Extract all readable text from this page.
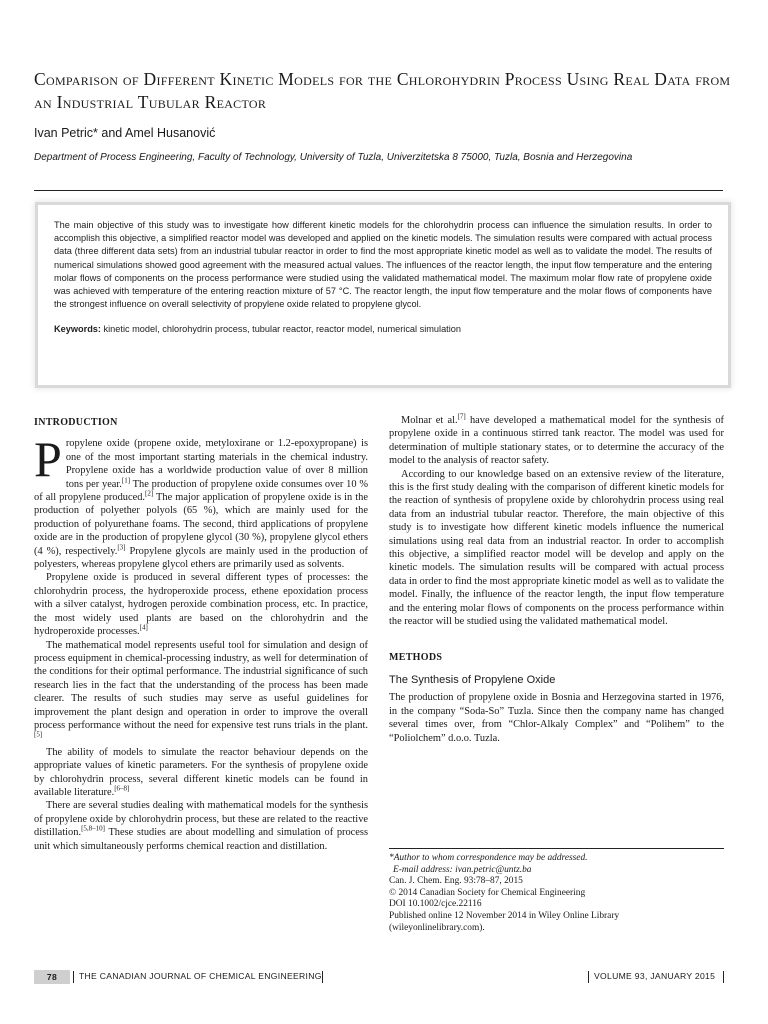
Comparison of Different Kinetic Models for the Chlorohydrin Process Using Real Data from an Industrial Tubular Reactor
Ivan Petric* and Amel Husanović
Department of Process Engineering, Faculty of Technology, University of Tuzla, Univerzitetska 8 75000, Tuzla, Bosnia and Herzegovina
The main objective of this study was to investigate how different kinetic models for the chlorohydrin process can influence the simulation results. In order to accomplish this objective, a simplified reactor model was developed and applied on the kinetic models. The simulation results were compared with actual process data (three different data sets) from an industrial tubular reactor in order to find the most appropriate kinetic model as well as to validate the model. The results of numerical simulations showed good agreement with the measured actual values. The influences of the reactor length, the input flow temperature and the entering molar flows of components on the process performance were studied using the validated mathematical model. The maximum molar flow rate of propylene oxide was achieved with temperature of the entering reaction mixture of 57 °C. The reactor length, the input flow temperature and the molar flows of components have the strongest influence on overall selectivity of propylene oxide related to propylene glycol.
Keywords: kinetic model, chlorohydrin process, tubular reactor, reactor model, numerical simulation
INTRODUCTION

Propylene oxide (propene oxide, metyloxirane or 1.2-epoxypropane) is one of the most important starting materials in the chemical industry. Propylene oxide has a worldwide production value of over 8 million tons per year.[1] The production of propylene oxide consumes over 10 % of all propylene produced.[2] The major application of propylene oxide is in the production of polyether polyols (65 %), which are mainly used for the production of polyurethane foams. The second, third applications of propylene oxide are in the production of propylene glycol (30 %), propylene glycol ethers (4 %), respectively.[3] Propylene glycols are mainly used in the production of polyesters, whereas propylene glycol ethers are primarily used as solvents.

Propylene oxide is produced in several different types of processes: the chlorohydrin process, the hydroperoxide process, ethene epoxidation process with a silver catalyst, hydrogen peroxide combination process, etc. In practice, the most widely used plants are based on the chlorohydrin and the hydroperoxide processes.[4]

The mathematical model represents useful tool for simulation and design of process equipment in chemical-processing industry, as well for determination of the conditions for their optimal performance. The industrial significance of such research lies in the fact that the understanding of the process has been made clearer. The results of such studies may serve as useful guidelines for improvement the plant design and operation in order to improve the overall process performance without the need for expensive test runs trials in the plant.[5]

The ability of models to simulate the reactor behaviour depends on the appropriate values of kinetic parameters. For the synthesis of propylene oxide by chlorohydrin process, several different kinetic models can be found in available literature.[6–8]

There are several studies dealing with mathematical models for the synthesis of propylene oxide by chlorohydrin process, but these are related to the reactive distillation.[5,8–10] These studies are about modelling and simulation of process unit which simultaneously performs chemical reaction and distillation.

Molnar et al.[7] have developed a mathematical model for the synthesis of propylene oxide in a continuous stirred tank reactor. The model was used for determination of multiple stationary states, or to determine the accuracy of the model to the analysis of reactor safety.

According to our knowledge based on an extensive review of the literature, this is the first study dealing with the comparison of different kinetic models for the reaction of synthesis of propylene oxide by chlorohydrin process using real data from an industrial tubular reactor. Therefore, the main objective of this study is to investigate how different kinetic models influence the numerical simulations using real data from an industrial reactor. In order to accomplish this objective, a simplified reactor model will be develop and apply on the kinetic models. The simulation results will be compared with actual process data in order to find the most appropriate kinetic model as well as to validate the model. Finally, the influence of the reactor length, the input flow temperature and the entering molar flows of components on the process performance within the reactor will be studied using the validated mathematical model.

METHODS
The Synthesis of Propylene Oxide

The production of propylene oxide in Bosnia and Herzegovina started in 1976, in the company “Soda-So” Tuzla. Since then the company name has changed several times over, from “Chlor-Alkaly Complex” and “Polihem” to the “Poliolchem” d.o.o. Tuzla.

*Author to whom correspondence may be addressed.
E-mail address: ivan.petric@untz.ba
Can. J. Chem. Eng. 93:78–87, 2015
© 2014 Canadian Society for Chemical Engineering
DOI 10.1002/cjce.22116
Published online 12 November 2014 in Wiley Online Library
(wileyonlinelibrary.com).
78	THE CANADIAN JOURNAL OF CHEMICAL ENGINEERING	VOLUME 93, JANUARY 2015
